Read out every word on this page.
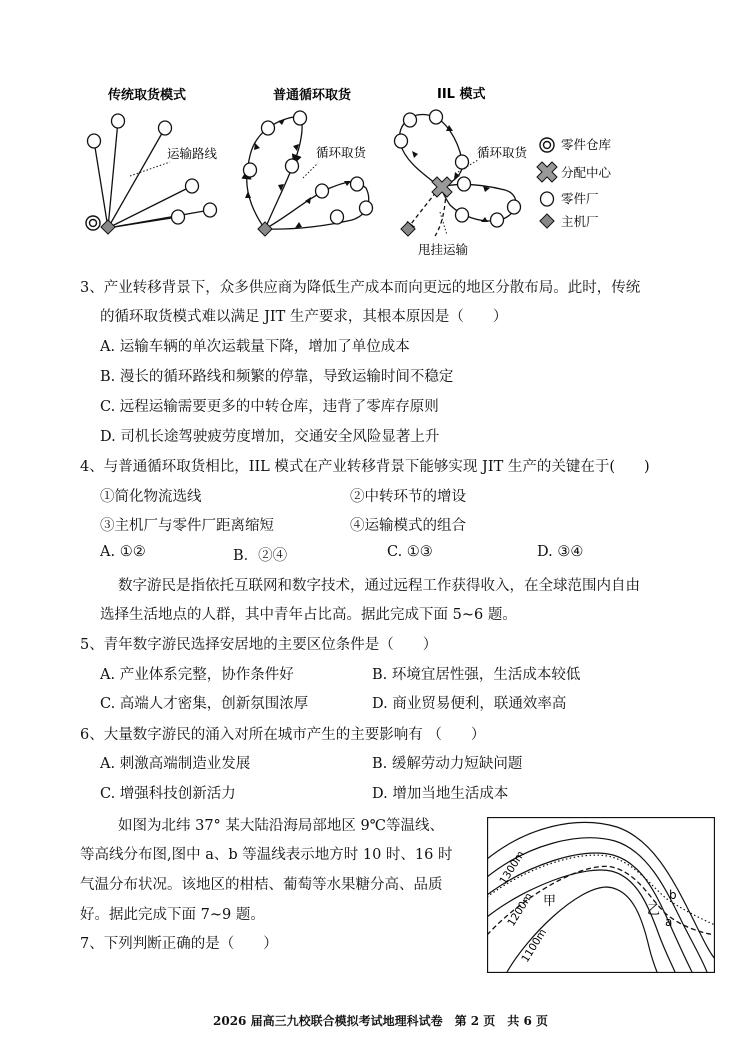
传统取货模式	普通循环取货	IIL 模式
运输路线	循环取货	循环取货
甩挂运输
零件仓库
分配中心
零件厂
主机厂
3、产业转移背景下，众多供应商为降低生产成本而向更远的地区分散布局。此时，传统
的循环取货模式难以满足 JIT 生产要求，其根本原因是（　　）
A. 运输车辆的单次运载量下降，增加了单位成本
B. 漫长的循环路线和频繁的停靠，导致运输时间不稳定
C. 远程运输需要更多的中转仓库，违背了零库存原则
D. 司机长途驾驶疲劳度增加，交通安全风险显著上升
4、与普通循环取货相比，IIL 模式在产业转移背景下能够实现 JIT 生产的关键在于(　　)
①简化物流选线	②中转环节的增设
③主机厂与零件厂距离缩短	④运输模式的组合
A. ①②	B．②④	C. ①③	D. ③④
数字游民是指依托互联网和数字技术，通过远程工作获得收入，在全球范围内自由
选择生活地点的人群，其中青年占比高。据此完成下面 5~6 题。
5、青年数字游民选择安居地的主要区位条件是（　　）
A. 产业体系完整，协作条件好	B. 环境宜居性强，生活成本较低
C. 高端人才密集，创新氛围浓厚	D. 商业贸易便利，联通效率高
6、大量数字游民的涌入对所在城市产生的主要影响有 （　　）
A. 刺激高端制造业发展	B. 缓解劳动力短缺问题
C. 增强科技创新活力	D. 增加当地生活成本
如图为北纬 37° 某大陆沿海局部地区 9℃等温线、
等高线分布图,图中 a、b 等温线表示地方时 10 时、16 时
气温分布状况。该地区的柑桔、葡萄等水果糖分高、品质
好。据此完成下面 7~9 题。
7、下列判断正确的是（　　）
1300m
1200m
1100m
甲
乙
b
a
2026 届高三九校联合模拟考试地理科试卷　第 2 页　共 6 页
